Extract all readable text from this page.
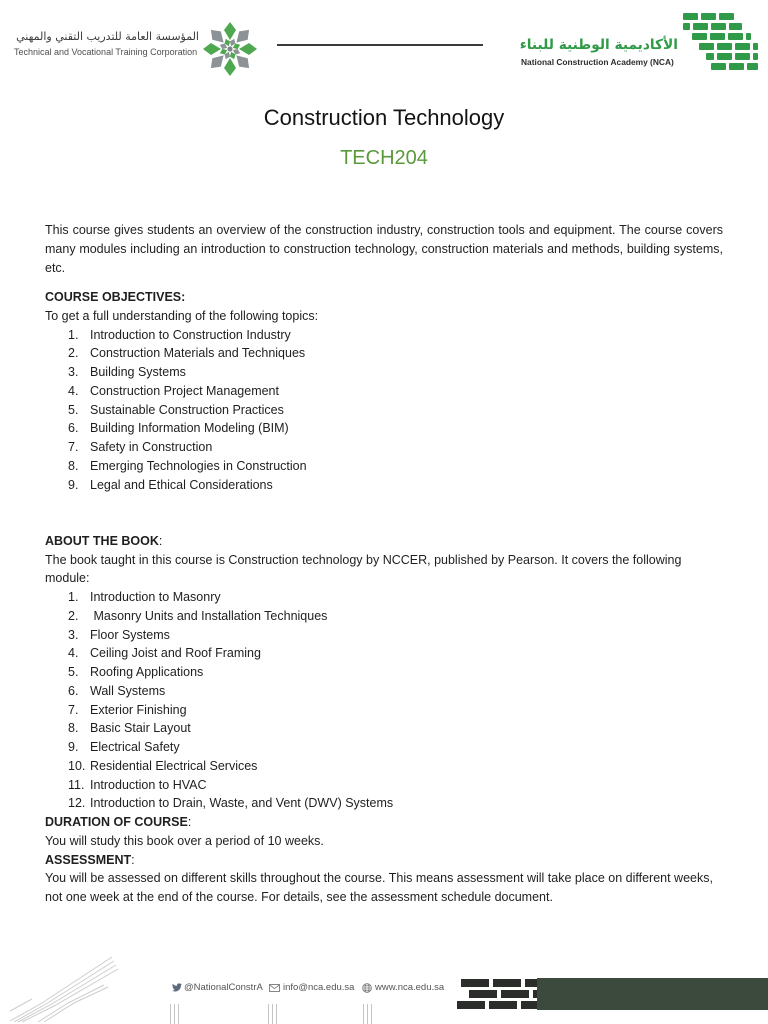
المؤسسة العامة للتدريب التقني والمهني
Technical and Vocational Training Corporation	الأكاديمية الوطنية للبناء
National Construction Academy (NCA)
Construction Technology
TECH204

This course gives students an overview of the construction industry, construction tools and equipment. The course covers many modules including an introduction to construction technology, construction materials and methods, building systems, etc.

COURSE OBJECTIVES:
To get a full understanding of the following topics:
1. Introduction to Construction Industry
2. Construction Materials and Techniques
3. Building Systems
4. Construction Project Management
5. Sustainable Construction Practices
6. Building Information Modeling (BIM)
7. Safety in Construction
8. Emerging Technologies in Construction
9. Legal and Ethical Considerations
ABOUT THE BOOK:

The book taught in this course is Construction technology by NCCER, published by Pearson. It covers the following module:

1. Introduction to Masonry
2. Masonry Units and Installation Techniques
3. Floor Systems
4. Ceiling Joist and Roof Framing
5. Roofing Applications
6. Wall Systems
7. Exterior Finishing
8. Basic Stair Layout
9. Electrical Safety
10. Residential Electrical Services
11. Introduction to HVAC
12. Introduction to Drain, Waste, and Vent (DWV) Systems
DURATION OF COURSE:

You will study this book over a period of 10 weeks.

ASSESSMENT:

You will be assessed on different skills throughout the course. This means assessment will take place on different weeks, not one week at the end of the course. For details, see the assessment schedule document.

@NationalConstrA info@nca.edu.sa www.nca.edu.sa
